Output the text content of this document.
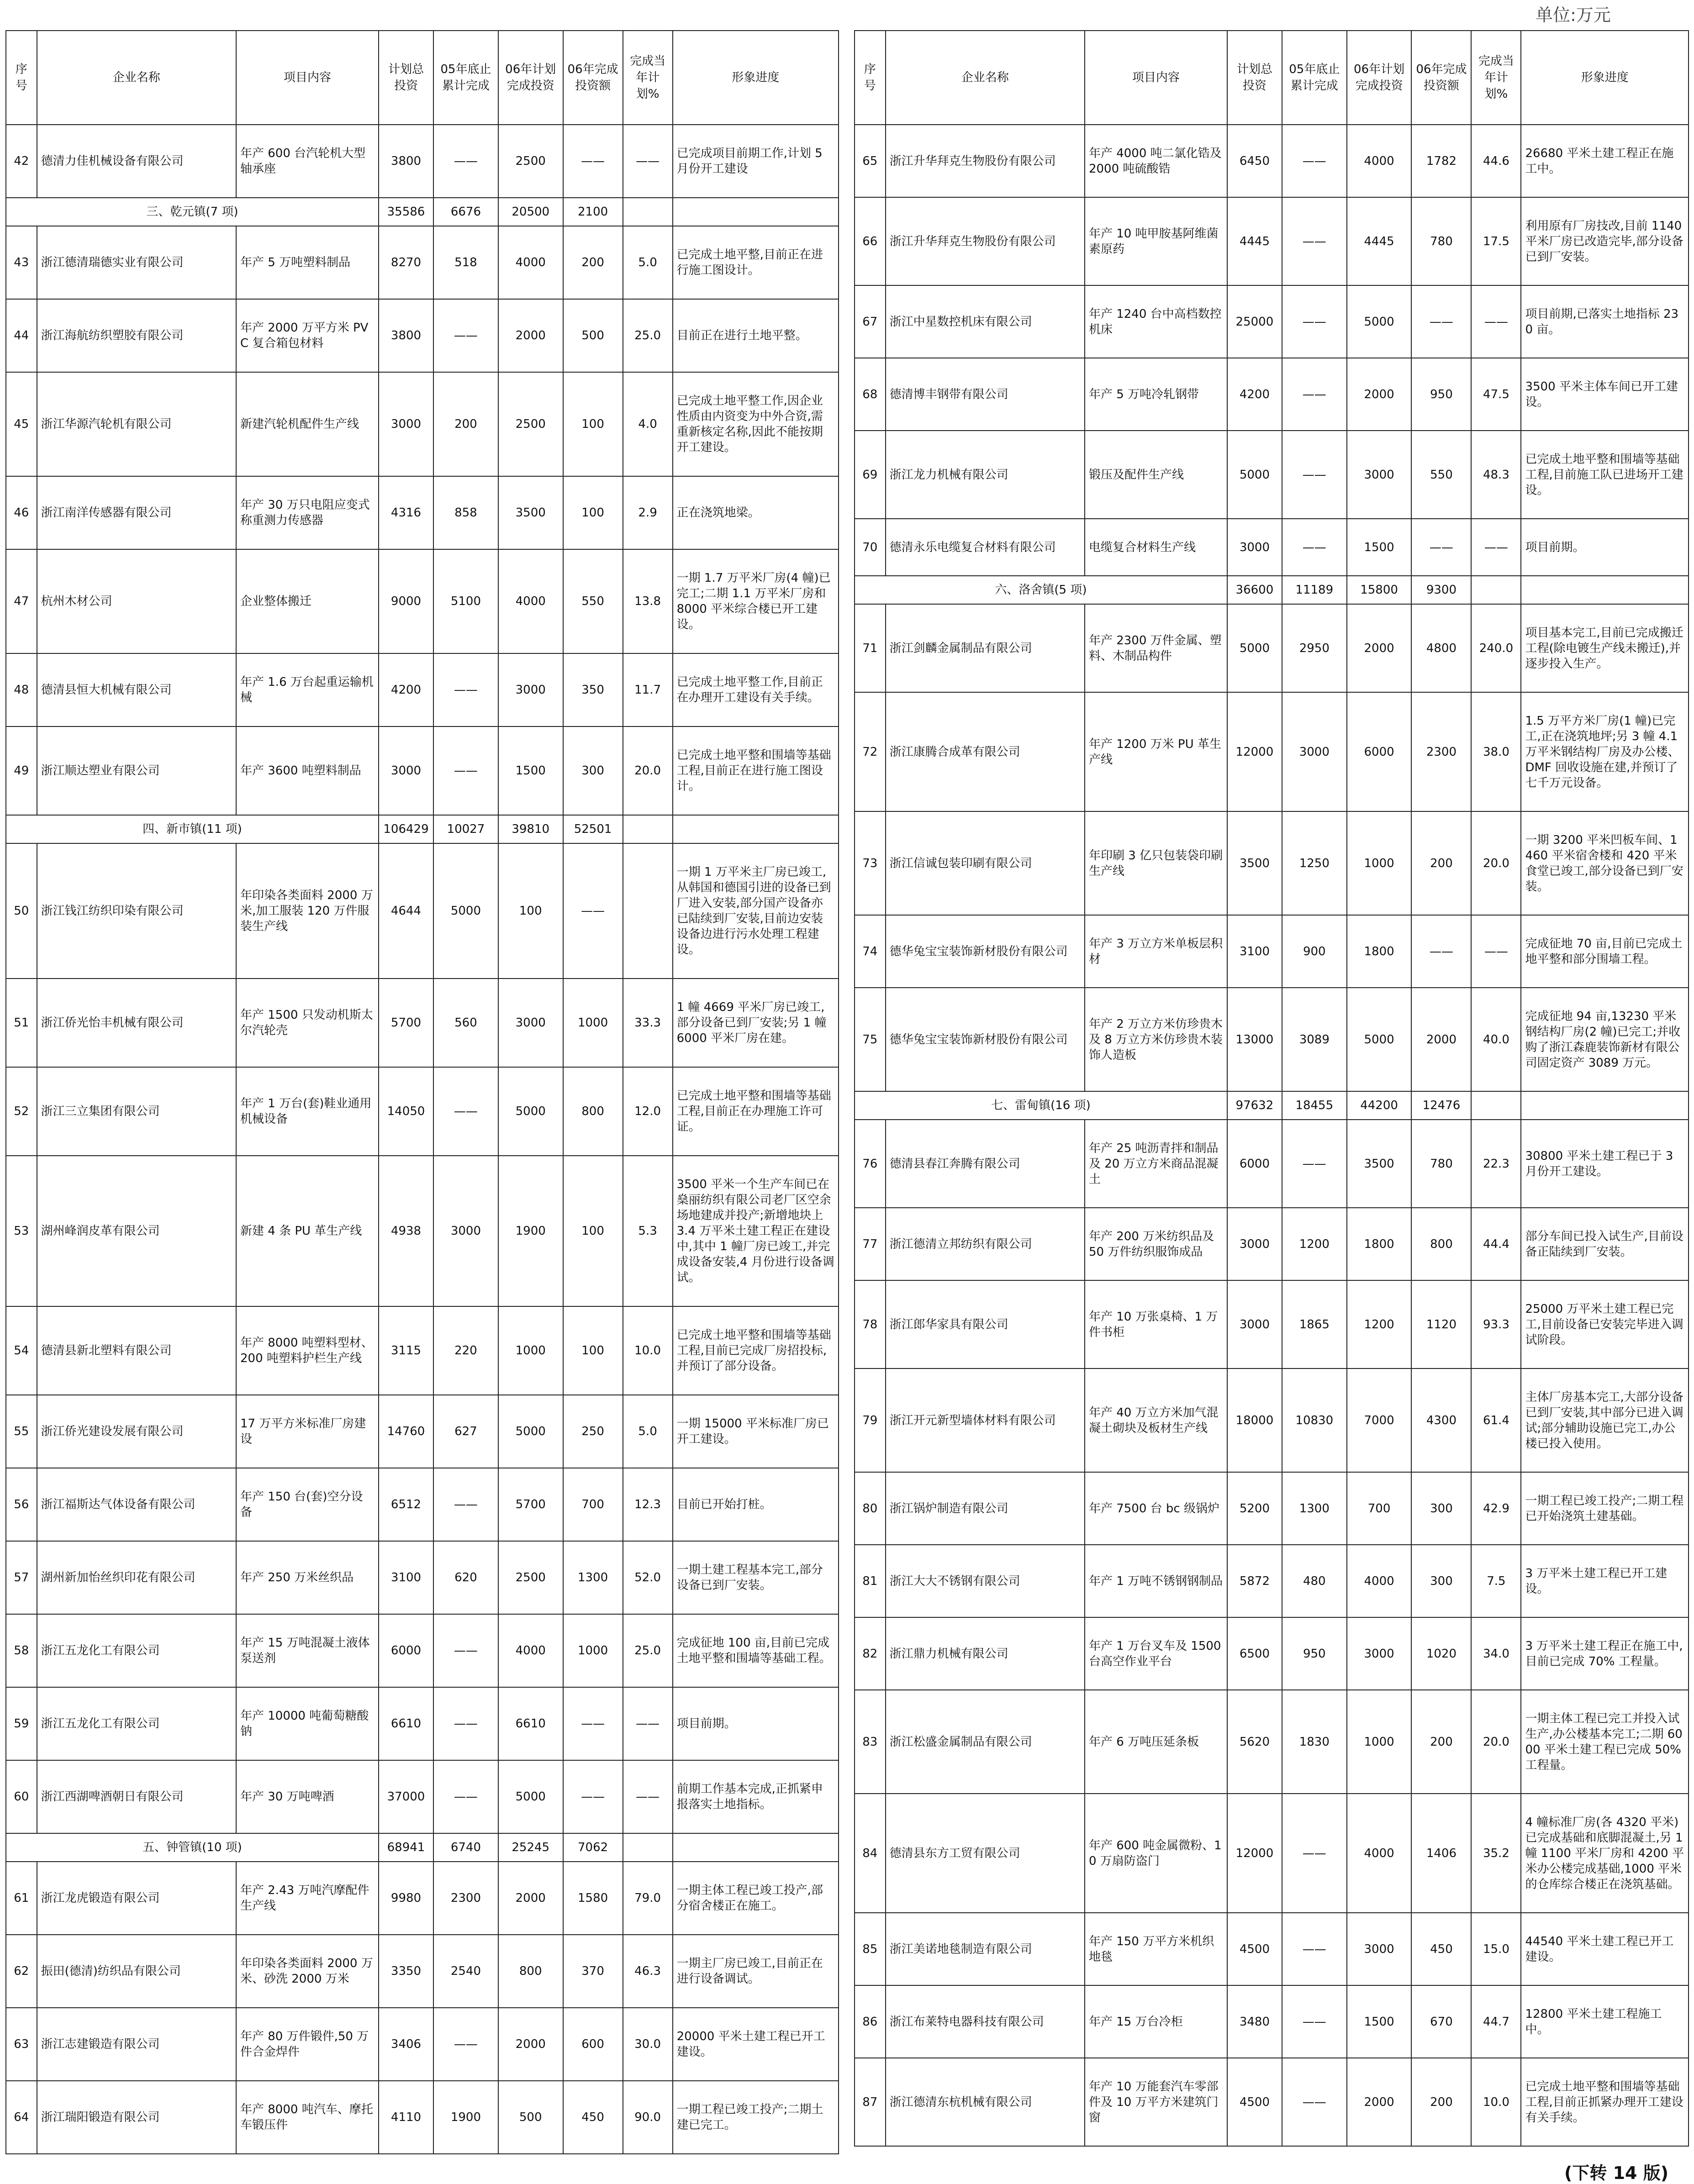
单位:万元
序号	企业名称	项目内容	计划总投资	05年底止累计完成	06年计划完成投资	06年完成投资额	完成当年计划%	形象进度
42	德清力佳机械设备有限公司	年产 600 台汽轮机大型轴承座	3800	——	2500	——	——	已完成项目前期工作,计划 5 月份开工建设
三、乾元镇(7 项)			35586	6676	20500	2100		
43	浙江德清瑞德实业有限公司	年产 5 万吨塑料制品	8270	518	4000	200	5.0	已完成土地平整,目前正在进行施工图设计。
44	浙江海航纺织塑胶有限公司	年产 2000 万平方米 PVC 复合箱包材料	3800	——	2000	500	25.0	目前正在进行土地平整。
45	浙江华源汽轮机有限公司	新建汽轮机配件生产线	3000	200	2500	100	4.0	已完成土地平整工作,因企业性质由内资变为中外合资,需重新核定名称,因此不能按期开工建设。
46	浙江南洋传感器有限公司	年产 30 万只电阻应变式称重测力传感器	4316	858	3500	100	2.9	正在浇筑地梁。
47	杭州木材公司	企业整体搬迁	9000	5100	4000	550	13.8	一期 1.7 万平米厂房(4 幢)已完工;二期 1.1 万平米厂房和 8000 平米综合楼已开工建设。
48	德清县恒大机械有限公司	年产 1.6 万台起重运输机械	4200	——	3000	350	11.7	已完成土地平整工作,目前正在办理开工建设有关手续。
49	浙江顺达塑业有限公司	年产 3600 吨塑料制品	3000	——	1500	300	20.0	已完成土地平整和围墙等基础工程,目前正在进行施工图设计。
四、新市镇(11 项)			106429	10027	39810	52501		
50	浙江钱江纺织印染有限公司	年印染各类面料 2000 万米,加工服装 120 万件服装生产线	4644	5000	100	——		一期 1 万平米主厂房已竣工,从韩国和德国引进的设备已到厂进入安装,部分国产设备亦已陆续到厂安装,目前边安装设备边进行污水处理工程建设。
51	浙江侨光怡丰机械有限公司	年产 1500 只发动机斯太尔汽轮壳	5700	560	3000	1000	33.3	1 幢 4669 平米厂房已竣工,部分设备已到厂安装;另 1 幢 6000 平米厂房在建。
52	浙江三立集团有限公司	年产 1 万台(套)鞋业通用机械设备	14050	——	5000	800	12.0	已完成土地平整和围墙等基础工程,目前正在办理施工许可证。
53	湖州峰润皮革有限公司	新建 4 条 PU 革生产线	4938	3000	1900	100	5.3	3500 平米一个生产车间已在燊丽纺织有限公司老厂区空余场地建成并投产;新增地块上 3.4 万平米土建工程正在建设中,其中 1 幢厂房已竣工,并完成设备安装,4 月份进行设备调试。
54	德清县新北塑料有限公司	年产 8000 吨塑料型材、200 吨塑料护栏生产线	3115	220	1000	100	10.0	已完成土地平整和围墙等基础工程,目前已完成厂房招投标,并预订了部分设备。
55	浙江侨光建设发展有限公司	17 万平方米标准厂房建设	14760	627	5000	250	5.0	一期 15000 平米标准厂房已开工建设。
56	浙江福斯达气体设备有限公司	年产 150 台(套)空分设备	6512	——	5700	700	12.3	目前已开始打桩。
57	湖州新加怡丝织印花有限公司	年产 250 万米丝织品	3100	620	2500	1300	52.0	一期土建工程基本完工,部分设备已到厂安装。
58	浙江五龙化工有限公司	年产 15 万吨混凝土液体泵送剂	6000	——	4000	1000	25.0	完成征地 100 亩,目前已完成土地平整和围墙等基础工程。
59	浙江五龙化工有限公司	年产 10000 吨葡萄糖酸钠	6610	——	6610	——	——	项目前期。
60	浙江西湖啤酒朝日有限公司	年产 30 万吨啤酒	37000	——	5000	——	——	前期工作基本完成,正抓紧申报落实土地指标。
五、钟管镇(10 项)			68941	6740	25245	7062		
61	浙江龙虎锻造有限公司	年产 2.43 万吨汽摩配件生产线	9980	2300	2000	1580	79.0	一期主体工程已竣工投产,部分宿舍楼正在施工。
62	振田(德清)纺织品有限公司	年印染各类面料 2000 万米、砂洗 2000 万米	3350	2540	800	370	46.3	一期主厂房已竣工,目前正在进行设备调试。
63	浙江志建锻造有限公司	年产 80 万件锻件,50 万件合金焊件	3406	——	2000	600	30.0	20000 平米土建工程已开工建设。
64	浙江瑞阳锻造有限公司	年产 8000 吨汽车、摩托车锻压件	4110	1900	500	450	90.0	一期工程已竣工投产;二期土建已完工。
序号	企业名称	项目内容	计划总投资	05年底止累计完成	06年计划完成投资	06年完成投资额	完成当年计划%	形象进度
65	浙江升华拜克生物股份有限公司	年产 4000 吨二氯化锆及 2000 吨硫酸锆	6450	——	4000	1782	44.6	26680 平米土建工程正在施工中。
66	浙江升华拜克生物股份有限公司	年产 10 吨甲胺基阿维菌素原药	4445	——	4445	780	17.5	利用原有厂房技改,目前 1140 平米厂房已改造完毕,部分设备已到厂安装。
67	浙江中星数控机床有限公司	年产 1240 台中高档数控机床	25000	——	5000	——	——	项目前期,已落实土地指标 230 亩。
68	德清博丰钢带有限公司	年产 5 万吨冷轧钢带	4200	——	2000	950	47.5	3500 平米主体车间已开工建设。
69	浙江龙力机械有限公司	锻压及配件生产线	5000	——	3000	550	48.3	已完成土地平整和围墙等基础工程,目前施工队已进场开工建设。
70	德清永乐电缆复合材料有限公司	电缆复合材料生产线	3000	——	1500	——	——	项目前期。
六、洛舍镇(5 项)			36600	11189	15800	9300		
71	浙江剑麟金属制品有限公司	年产 2300 万件金属、塑料、木制品构件	5000	2950	2000	4800	240.0	项目基本完工,目前已完成搬迁工程(除电镀生产线未搬迁),并逐步投入生产。
72	浙江康腾合成革有限公司	年产 1200 万米 PU 革生产线	12000	3000	6000	2300	38.0	1.5 万平方米厂房(1 幢)已完工,正在浇筑地坪;另 3 幢 4.1 万平米钢结构厂房及办公楼、DMF 回收设施在建,并预订了七千万元设备。
73	浙江信诚包装印刷有限公司	年印刷 3 亿只包装袋印刷生产线	3500	1250	1000	200	20.0	一期 3200 平米凹板车间、1460 平米宿舍楼和 420 平米食堂已竣工,部分设备已到厂安装。
74	德华兔宝宝装饰新材股份有限公司	年产 3 万立方米单板层积材	3100	900	1800	——	——	完成征地 70 亩,目前已完成土地平整和部分围墙工程。
75	德华兔宝宝装饰新材股份有限公司	年产 2 万立方米仿珍贵木及 8 万立方米仿珍贵木装饰人造板	13000	3089	5000	2000	40.0	完成征地 94 亩,13230 平米钢结构厂房(2 幢)已完工;并收购了浙江森鹿装饰新材有限公司固定资产 3089 万元。
七、雷甸镇(16 项)			97632	18455	44200	12476		
76	德清县春江奔腾有限公司	年产 25 吨沥青拌和制品及 20 万立方米商品混凝土	6000	——	3500	780	22.3	30800 平米土建工程已于 3 月份开工建设。
77	浙江德清立邦纺织有限公司	年产 200 万米纺织品及 50 万件纺织服饰成品	3000	1200	1800	800	44.4	部分车间已投入试生产,目前设备正陆续到厂安装。
78	浙江郎华家具有限公司	年产 10 万张桌椅、1 万件书柜	3000	1865	1200	1120	93.3	25000 万平米土建工程已完工,目前设备已安装完毕进入调试阶段。
79	浙江开元新型墙体材料有限公司	年产 40 万立方米加气混凝土砌块及板材生产线	18000	10830	7000	4300	61.4	主体厂房基本完工,大部分设备已到厂安装,其中部分已进入调试;部分辅助设施已完工,办公楼已投入使用。
80	浙江锅炉制造有限公司	年产 7500 台 bc 级锅炉	5200	1300	700	300	42.9	一期工程已竣工投产;二期工程已开始浇筑土建基础。
81	浙江大大不锈钢有限公司	年产 1 万吨不锈钢钢制品	5872	480	4000	300	7.5	3 万平米土建工程已开工建设。
82	浙江鼎力机械有限公司	年产 1 万台叉车及 1500 台高空作业平台	6500	950	3000	1020	34.0	3 万平米土建工程正在施工中,目前已完成 70% 工程量。
83	浙江松盛金属制品有限公司	年产 6 万吨压延条板	5620	1830	1000	200	20.0	一期主体工程已完工并投入试生产,办公楼基本完工;二期 6000 平米土建工程已完成 50% 工程量。
84	德清县东方工贸有限公司	年产 600 吨金属微粉、10 万扇防盗门	12000	——	4000	1406	35.2	4 幢标准厂房(各 4320 平米)已完成基础和底脚混凝土,另 1 幢 1100 平米厂房和 4200 平米办公楼完成基础,1000 平米的仓库综合楼正在浇筑基础。
85	浙江美诺地毯制造有限公司	年产 150 万平方米机织地毯	4500	——	3000	450	15.0	44540 平米土建工程已开工建设。
86	浙江布莱特电器科技有限公司	年产 15 万台冷柜	3480	——	1500	670	44.7	12800 平米土建工程施工中。
87	浙江德清东杭机械有限公司	年产 10 万能套汽车零部件及 10 万平方米建筑门窗	4500	——	2000	200	10.0	已完成土地平整和围墙等基础工程,目前正抓紧办理开工建设有关手续。
(下转 14 版)
